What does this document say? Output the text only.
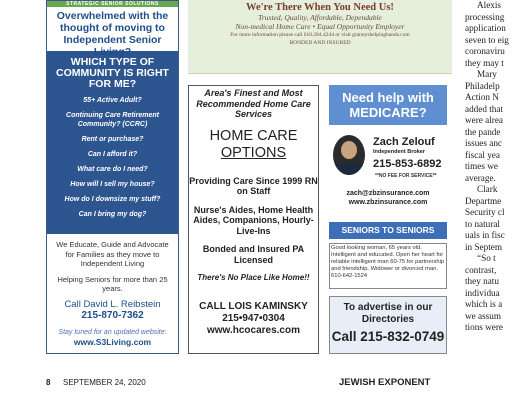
STRATEGIC SENIOR SOLUTIONS
Overwhelmed with the thought of moving to Independent Senior Living?
WHICH TYPE OF COMMUNITY IS RIGHT FOR ME?
55+ Active Adult?
Continuing Care Retirement Community? (CCRC)
Rent or purchase?
Can I afford it?
What care do I need?
How will I sell my house?
How do I downsize my stuff?
Can I bring my dog?
We Educate, Guide and Advocate for Families as they move to Independent Living
Helping Seniors for more than 25 years.
Call David L. Reibstein
215-870-7362
Stay tuned for an updated website:
www.S3Living.com
We're There When You Need Us!
Trusted, Quality, Affordable, Dependable
Non-medical Home Care • Equal Opportunity Employer
For more information please call 610.284.4244 or visit grannyshelpinghands.com
BONDED AND INSURED
Area's Finest and Most Recommended Home Care Services
HOME CARE
OPTIONS
Providing Care Since 1999 RN on Staff
Nurse's Aides, Home Health Aides, Companions, Hourly-Live-Ins
Bonded and Insured PA Licensed
There's No Place Like Home!!
CALL LOIS KAMINSKY
215•947•0304
www.hcocares.com
Need help with MEDICARE?
Zach Zelouf
Independent Broker
215-853-6892
**NO FEE FOR SERVICE**
zach@zbzinsurance.com
www.zbzinsurance.com
SENIORS TO SENIORS
Good looking woman, 65 years old. Intelligent and educated. Open her heart for reliable intelligent man 60-75 for partnership and friendship. Widower or divorced man. 610-642-1524
To advertise in our Directories
Call 215-832-0749
Alexis
processing
application
seven to eig
coronaviru
they may t
Mary
Philadelp
Action N
added that
were alrea
the pande
issues anc
fiscal yea
times we
average.
Clark
Departme
Security cl
to natural
uals in fisc
in Septem
“So t
contrast,
they natu
individua
which is a
we assum
tions were
8 SEPTEMBER 24, 2020	JEWISH EXPONENT
